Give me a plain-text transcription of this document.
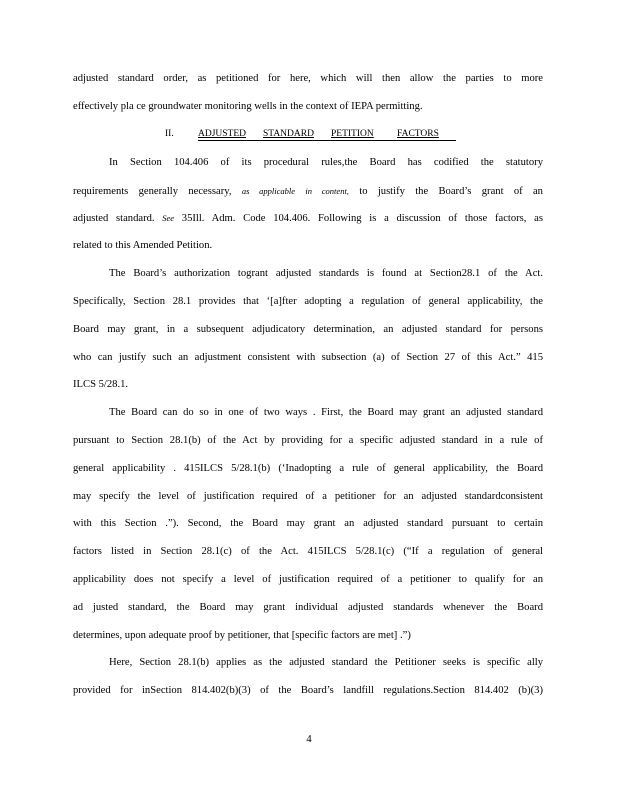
adjusted standard order, as petitioned for here, which will then allow the parties to more
effectively pla ce groundwater monitoring wells in the context of IEPA permitting.
II.	ADJUSTED STANDARD PETITION FACTORS
In Section 104.406 of its procedural rules,the Board has codified the statutory
requirements generally necessary, as applicable in content, to justify the Board’s grant of an
adjusted standard. See 35Ill. Adm. Code 104.406. Following is a discussion of those factors, as
related to this Amended Petition.
The Board’s authorization togrant adjusted standards is found at Section28.1 of the Act.
Specifically, Section 28.1 provides that ‘[a]fter adopting a regulation of general applicability, the
Board may grant, in a subsequent adjudicatory determination, an adjusted standard for persons
who can justify such an adjustment consistent with subsection (a) of Section 27 of this Act.” 415
ILCS 5/28.1.
The Board can do so in one of two ways . First, the Board may grant an adjusted standard
pursuant to Section 28.1(b) of the Act by providing for a specific adjusted standard in a rule of
general applicability . 415ILCS 5/28.1(b) (‘Inadopting a rule of general applicability, the Board
may specify the level of justification required of a petitioner for an adjusted standardconsistent
with this Section .”). Second, the Board may grant an adjusted standard pursuant to certain
factors listed in Section 28.1(c) of the Act. 415ILCS 5/28.1(c) (“If a regulation of general
applicability does not specify a level of justification required of a petitioner to qualify for an
ad justed standard, the Board may grant individual adjusted standards whenever the Board
determines, upon adequate proof by petitioner, that [specific factors are met] .”)
Here, Section 28.1(b) applies as the adjusted standard the Petitioner seeks is specific ally
provided for inSection 814.402(b)(3) of the Board’s landfill regulations.Section 814.402 (b)(3)
4
